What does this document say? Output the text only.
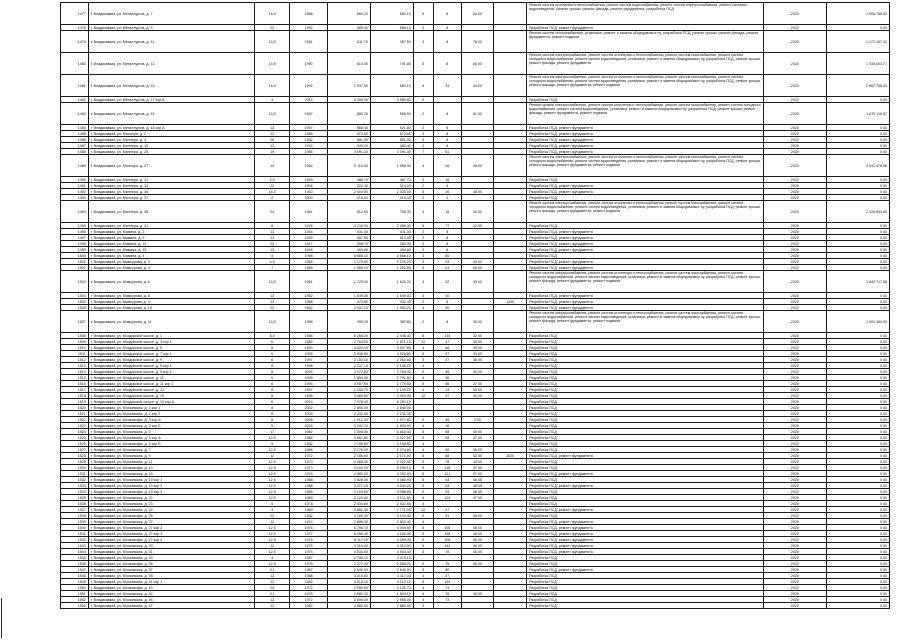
1477	г. Владикавказ, ул. Металлургов, д. 7	14.5	1988	660.20	560.10	5	8	64.00		Ремонт систем отопления и теплоснабжения, ремонт систем водоснабжения, ремонт систем электроснабжения, ремонт системы водоотведения, ремонт крыши, ремонт фасада, ремонт фундамента, разработка ПСД	2020	1 055 768.00
1478	г. Владикавказ, ул. Металлургов, д. 9	12	1992	589.30	586.10	2	8			Разработка ПСД, ремонт фундамента	2020	0.00
1479	г. Владикавказ, ул. Металлургов, д. 11	14.5	1991	511.70	497.90	3	8	76.00		Ремонт систем теплоснабжения, установка, ремонт и замена общедомовых пу, разработка ПСД, ремонт крыши, ремонт фасада, ремонт фундамента, ремонт подвала	2020	1 172 167.41
1480	г. Владикавказ, ул. Металлургов, д. 13	14.5	1990	813.30	791.80	5	8	64.00		Ремонт систем электроснабжения, ремонт систем отопления и теплоснабжения, ремонт систем газоснабжения, ремонт систем холодного водоснабжения, ремонт систем водоотведения, установка, ремонт и замена общедомовых пу, разработка ПСД, ремонт крыши, ремонт фасада, ремонт фундамента	2020	1 338 603.71
1481	г. Владикавказ, ул. Металлургов, д. 15	14.5	1992	1 037.90	983.10	6	34	44.00		Ремонт систем электроснабжения, ремонт систем отопления и теплоснабжения, ремонт систем газоснабжения, ремонт систем холодного водоснабжения, ремонт систем водоотведения, установка, ремонт и замена общедомовых пу, разработка ПСД, ремонт крыши, ремонт фасада, ремонт фундамента, ремонт подвала	2020	2 687 766.53
1482	г. Владикавказ, ул. Металлургов, д. 17 кор А	4	2014	4 308.90	3 985.60	5				Разработка ПСД	2020	0.00
1483	г. Владикавказ, ул. Металлургов, д. 16	14.5	1957	580.20	565.90	2	8	61.00		Ремонт кровли электроснабжения, ремонт систем отопления и теплоснабжения, ремонт систем газоснабжения, ремонт систем холодного водоснабжения, ремонт систем водоотведения, установка, ремонт и замена общедомовых пу, разработка ПСД, ремонт крыши, ремонт фасада, ремонт фундамента, ремонт подвала	2020	1 679 116.57
1484	г. Владикавказ, ул. Металлургов, д. 18 кор А	12	1957	568.40	521.80	2	8			Разработка ПСД, ремонт фундамента	2020	0.00
1485	г. Владикавказ, ул. Миллера, д. 2	12	1985	873.60	873.60	4	8			Разработка ПСД, ремонт фундамента	2020	0.00
1486	г. Владикавказ, ул. Миллера, д. 4	16	1982	681.00	681.00	3	8			Разработка ПСД, ремонт фундамента	2020	0.00
1487	г. Владикавказ, ул. Миллера, д. 19	13	1974	340.00	482.40	2	8			Разработка ПСД, ремонт фундамента	2020	0.00
1488	г. Владикавказ, ул. Миллера, д. 25	19	1986	3 091.30	3 091.30	7	51			Разработка ПСД, ремонт фундамента	2020	0.00
1489	г. Владикавказ, ул. Миллера, д. 27	14	1964	2 110.40	1 968.40	4	26	36.00		Ремонт систем электроснабжения, ремонт систем отопления и теплоснабжения, ремонт систем газоснабжения, ремонт систем холодного водоснабжения, ремонт систем водоотведения, установка, ремонт и замена общедомовых пу, разработка ПСД, ремонт крыши, ремонт фасада, ремонт фундамента, ремонт подвала	2020	4 941 478.56
1490	г. Владикавказ, ул. Миллера, д. 31	2.5	1949	488.70	487.70	2	16			Разработка ПСД	2020	0.00
1491	г. Владикавказ, ул. Миллера, д. 33	12	1906	322.40	314.20	2	4			Разработка ПСД, ремонт фундамента	2020	0.00
1492	г. Владикавказ, ул. Миллера, д. 36	14.5	1910	2 400.50	2 330.00	5	16	38.00		Разработка ПСД, ремонт фундамента	2020	0.00
1493	г. Владикавказ, ул. Миллера, д. 37	2	2000	318.00	315.00	2	4			Разработка ПСД	2020	0.00
1494	г. Владикавказ, ул. Миллера, д. 38	14	1961	812.90	795.30	4	16	34.00		Ремонт систем электроснабжения, ремонт систем отопления и теплоснабжения, ремонт систем газоснабжения, ремонт систем холодного водоснабжения, ремонт систем водоотведения, установка, ремонт и замена общедомовых пу, разработка ПСД, ремонт крыши, ремонт фасада, ремонт фундамента, ремонт подвала	2020	2 125 803.60
1495	г. Владикавказ, ул. Миллера, д. 41	6	1976	3 234.30	2 486.30	5	77	12.00		Разработка ПСД	2020	0.00
1496	г. Владикавказ, ул. Мамина, д. 2	13	1945	431.30	431.30	2	8			Разработка ПСД, ремонт фундамента	2020	0.00
1497	г. Владикавказ, ул. Мамина, д. 9	13	1945	587.50	513.40	2	8			Разработка ПСД, ремонт фундамента	2020	0.00
1498	г. Владикавказ, ул. Мамина, д. 13	13	1917	398.70	380.30	2	8			Разработка ПСД, ремонт фундамента	2020	0.00
1499	г. Владикавказ, ул. Мамина, д. 15	13	1946	494.80	494.80	2	8			Разработка ПСД, ремонт фундамента	2020	0.00
1500	г. Владикавказ, ул. Мамина, д. 4	4	1998	4 566.10	4 566.10	3	80			Разработка ПСД	2020	0.00
1501	г. Владикавказ, ул. Мамсурова, д. 3	4.5	1966	1 175.60	1 076.20	3	23	40.00		Разработка ПСД, ремонт фундамента	2020	0.00
1502	г. Владикавказ, ул. Мамсурова, д. 4	7	1965	1 365.10	1 262.80	3	24	54.00		Разработка ПСД, ремонт фундамента	2020	0.00
1503	г. Владикавказ, ул. Мамсурова, д. 6	14.5	1961	1 729.40	1 626.20	4	22	33.00		Ремонт систем электроснабжения, ремонт систем отопления и теплоснабжения, ремонт систем газоснабжения, ремонт систем холодного водоснабжения, ремонт систем водоотведения, установка, ремонт и замена общедомовых пу, разработка ПСД, ремонт крыши, ремонт фасада, ремонт фундамента, ремонт подвала	2020	3 842 717.68
1504	г. Владикавказ, ул. Мамсурова, д. 8	12	1962	1 649.30	1 649.30	4	40			Разработка ПСД, ремонт фундамента	2020	0.00
1505	г. Владикавказ, ул. Мамсурова, д. 9	13	1958	470.80	432.40	2	8		1200	Разработка ПСД, ремонт фундамента	2020	0.00
1506	г. Владикавказ, ул. Мамсурова, д. 10	12	1962	2 037.10	1 963.20	4	50			Разработка ПСД, ремонт фундамента	2020	0.00
1507	г. Владикавказ, ул. Мамсурова, д. 11	14.5	1958	399.00	380.80	2	8	39.00		Ремонт систем электроснабжения, ремонт систем отопления и теплоснабжения, ремонт систем газоснабжения, ремонт систем холодного водоснабжения, ремонт систем водоотведения, установка, ремонт и замена общедомовых пу, разработка ПСД, ремонт крыши, ремонт фасада, ремонт фундамента, ремонт подвала	2020	1 391 364.00
1508	г. Владикавказ, ул. Моздокское шоссе, д. 1	8.5	1984	5 268.20	2 448.40	8	134	32.00		Разработка ПСД	2020	0.00
1509	г. Владикавказ, ул. Моздокское шоссе, д. 3 кор 1	6	1985	2 764.00	2 671.10	12	47	30.00		Разработка ПСД	2020	0.00
1510	г. Владикавказ, ул. Моздокское шоссе, д. 5	6	1993	4 020.00	3 937.80	4	68	39.00		Разработка ПСД	2020	0.00
1511	г. Владикавказ, ул. Моздокское шоссе, д. 7 кор 1	6	1995	3 638.80	3 526.80	5	47	33.00		Разработка ПСД	2020	0.00
1512	г. Владикавказ, ул. Моздокское шоссе, д. 9	6	1997	2 153.00	2 062.50	3	47	36.00		Разработка ПСД	2020	0.00
1513	г. Владикавказ, ул. Моздокское шоссе, д. 9 кор 1	6	1998	2 237.10	2 146.10	4				Разработка ПСД	2020	0.00
1514	г. Владикавказ, ул. Моздокское шоссе, д. 9 кор 2	6	2004	2 072.80	2 769.00	5	38	30.00		Разработка ПСД	2020	0.00
1515	г. Владикавказ, ул. Моздокское шоссе, д. 11	6	1999	1 854.00	2 701.50	4	36			Разработка ПСД	2020	0.00
1516	г. Владикавказ, ул. Моздокское шоссе, д. 11 кор 1	6	1994	3 057.90	2 779.50	5	56	37.00		Разработка ПСД	2020	0.00
1517	г. Владикавказ, ул. Моздокское шоссе, д. 13	6	1997	1 153.70	2 149.10	4	14	30.00		Разработка ПСД	2020	0.00
1518	г. Владикавказ, ул. Моздокское шоссе, д. 15	6	1998	3 469.80	3 494.30	12	47	30.00		Разработка ПСД	2020	0.00
1519	г. Владикавказ, ул. Моздокское шоссе, д. 15 кор А	6	2014	7 978.40	6 290.10					Разработка ПСД	2020	0.00
1520	г. Владикавказ, ул. Московская, д. 1 кор 1	8	2002	2 890.00	2 846.00					Разработка ПСД	2020	0.00
1521	г. Владикавказ, ул. Московская, д. 1 кор 2	6	2003	2 233.00	2 231.30					Разработка ПСД	2020	0.00
1522	г. Владикавказ, ул. Московская, д. 3 кор А	6	2006	1 912.30	1 977.60	5	38	2.00		Разработка ПСД	2020	0.00
1523	г. Владикавказ, ул. Московская, д. 3 кор Б	5	2016	3 242.70	1 893.90	4	16			Разработка ПСД	2020	0.00
1524	г. Владикавказ, ул. Московская, д. 5	17	1982	1 008.80	3 816.40	5	58	49.00		Разработка ПСД	2020	0.00
1525	г. Владикавказ, ул. Московская, д. 5 кор А	12.5	1985	3 667.80	3 327.80	5	58	47.00		Разработка ПСД	2020	0.00
1526	г. Владикавказ, ул. Московская, д. 5 кор Б	9	1982	2 198.60	2 198.60	4				Разработка ПСД	2020	0.00
1527	г. Владикавказ, ул. Московская, д. 7	12.5	1966	2 176.00	2 074.60	4	50	36.00		Разработка ПСД	2020	0.00
1528	г. Владикавказ, ул. Московская, д. 9	12	1972	2 186.60	2 171.00	5	58	42.00	2020	Разработка ПСД, ремонт фундамента	2020	0.00
1529	г. Владикавказ, ул. Московская, д. 11	12.5	1973	3 066.00	2 022.40	5	78	44.00		Разработка ПСД	2020	0.00
1530	г. Владикавказ, ул. Московская, д. 13	12.5	1973	5 102.00	5 296.10	9	118	47.00		Разработка ПСД	2020	0.00
1531	г. Владикавказ, ул. Московская, д. 15	12.5	1974	4 880.00	4 792.00	6	121	47.00		Разработка ПСД, ремонт фундамента	2020	0.00
1532	г. Владикавказ, ул. Московская, д. 19 кор 1	12.5	1988	3 828.40	3 060.90	5	53	48.45		Разработка ПСД	2020	0.00
1533	г. Владикавказ, ул. Московская, д. 19 кор 2	12.5	1988	3 077.20	3 040.20	5	53	48.45		Разработка ПСД, ремонт фундамента	2020	0.00
1534	г. Владикавказ, ул. Московская, д. 19 кор 3	12.5	1988	3 104.80	3 088.80	5	53	48.45		Разработка ПСД	2020	0.00
1535	г. Владикавказ, ул. Московская, д. 22	12.5	1989	3 120.60	3 011.60	4	124	47.00		Разработка ПСД	2020	0.00
1536	г. Владикавказ, ул. Московская, д. 23	5	1978	2 534.80	2 532.50	4				Разработка ПСД	2020	0.00
1537	г. Владикавказ, ул. Московская, д. 24	4	1969	2 861.30	2 771.00	12	47			Разработка ПСД, ремонт фундамента	2020	0.00
1538	г. Владикавказ, ул. Московская, д. 25	12	1982	4 180.40	3 104.40	5	91	48.00		Разработка ПСД	2020	0.00
1539	г. Владикавказ, ул. Московская, д. 27	12	1974	2 886.40	2 803.40	4				Разработка ПСД, ремонт фундамента	2020	0.00
1540	г. Владикавказ, ул. Московская, д. 27 кор 2	12.5	1976	6 798.70	4 009.50	5	106	46.00		Разработка ПСД, ремонт фундамента	2020	0.00
1541	г. Владикавказ, ул. Московская, д. 27 кор 3	12.5	1977	6 396.40	4 182.40	5	108	46.00		Разработка ПСД, ремонт фундамента	2020	0.00
1542	г. Владикавказ, ул. Московская, д. 27 кор 4	12.5	1978	6 117.10	4 059.30	5	108	46.00		Разработка ПСД, ремонт фундамента	2020	0.00
1543	г. Владикавказ, ул. Московская, д. 29	12	1975	4 310.00	4 310.00	5	144	44.00		Разработка ПСД, ремонт фундамента	2020	0.00
1544	г. Владикавказ, ул. Московская, д. 31	12.5	1975	4 534.40	4 534.40	5	78	45.00		Разработка ПСД, ремонт фундамента	2020	0.00
1545	г. Владикавказ, ул. Московская, д. 33	4	1987	2 795.10	3 475.10					Разработка ПСД	2020	0.00
1546	г. Владикавказ, ул. Московская, д. 35	12.5	1976	2 277.30	2 058.20	5	75	46.00		Разработка ПСД	2020	0.00
1547	г. Владикавказ, ул. Московская, д. 37	9.1	1987	2 640.00	2 640.00	5	80			Разработка ПСД, ремонт фундамента	2020	0.00
1548	г. Владикавказ, ул. Московская, д. 39	12	1988	3 219.00	3 117.00	4	47			Разработка ПСД	2020	0.00
1549	г. Владикавказ, ул. Московская, д. 41 кор 1	12	1982	4 210.10	4 210.10	8	144			Разработка ПСД	2020	0.00
1550	г. Владикавказ, ул. Московская, д. 43	10	1972	2 050.60	2 126.70	4	74			Разработка ПСД	2020	0.00
1551	г. Владикавказ, ул. Московская, д. 44	9.1	1975	1 680.30	1 603.10	4	76	40.00		Разработка ПСД	2020	0.00
1552	г. Владикавказ, ул. Московская, д. 46	12	1972	3 006.30	2 956.00	4	73			Разработка ПСД	2020	0.00
1553	г. Владикавказ, ул. Московская, д. 47	12	1982	2 880.50	2 880.50	3				Разработка ПСД	2020	0.00
